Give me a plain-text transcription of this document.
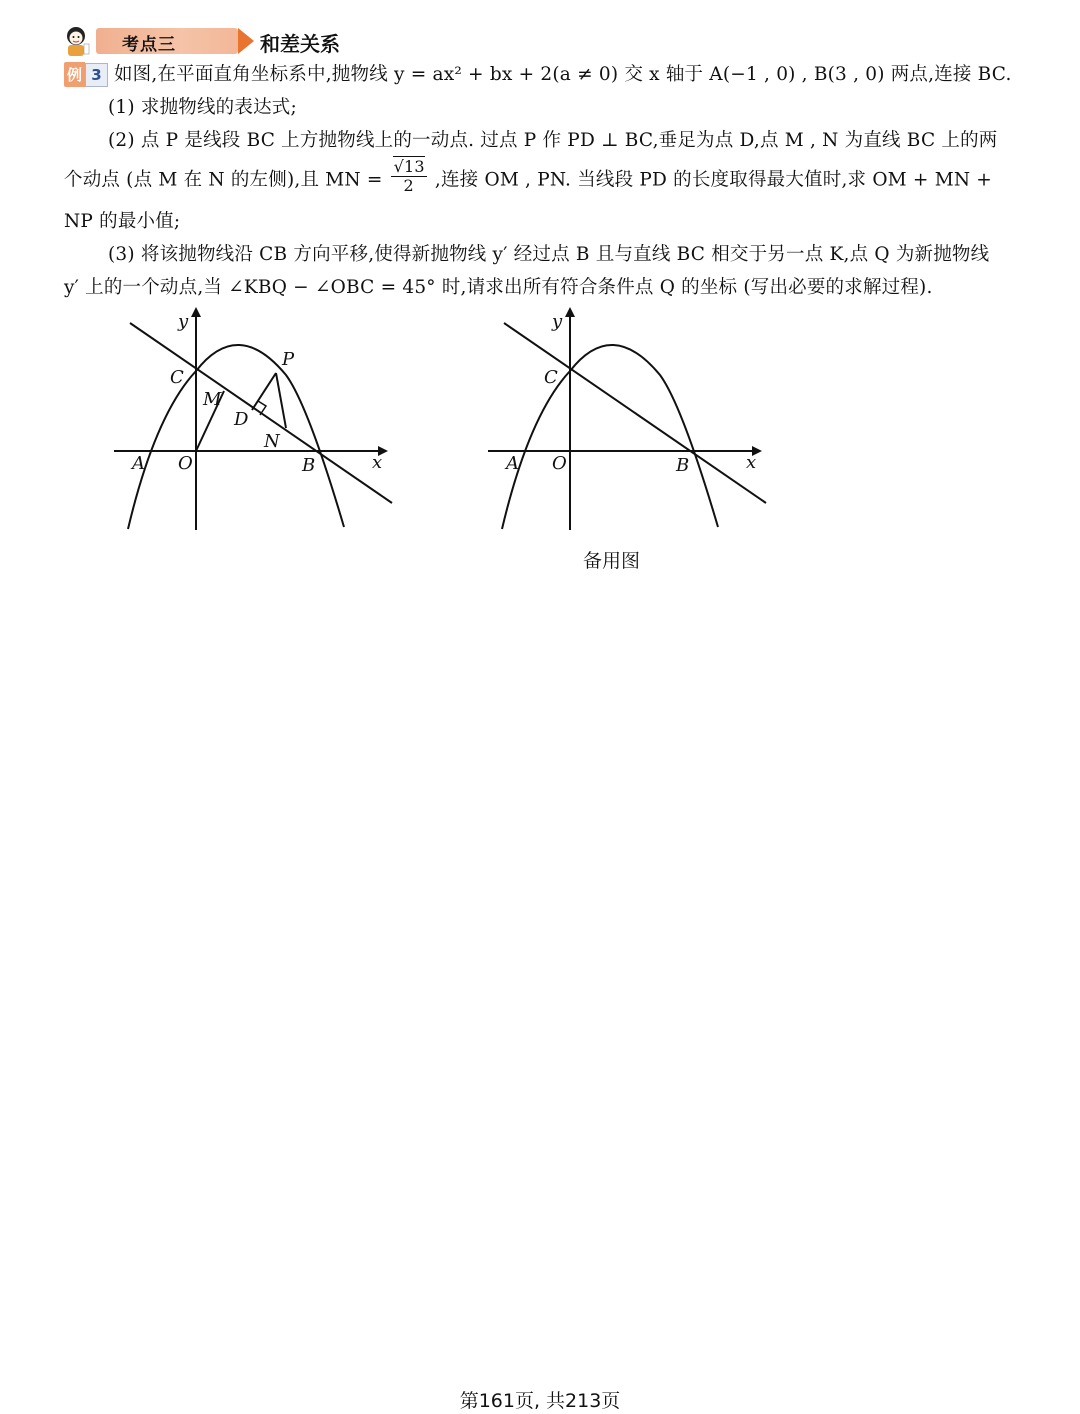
考点三	和差关系
例 3 如图,在平面直角坐标系中,抛物线 y = ax² + bx + 2(a ≠ 0) 交 x 轴于 A(−1 , 0) , B(3 , 0) 两点,连接 BC.
(1) 求抛物线的表达式;
(2) 点 P 是线段 BC 上方抛物线上的一动点. 过点 P 作 PD ⊥ BC,垂足为点 D,点 M , N 为直线 BC 上的两
个动点 (点 M 在 N 的左侧),且 MN = $\frac{√13}{2}$ ,连接 OM , PN. 当线段 PD 的长度取得最大值时,求 OM + MN +
NP 的最小值;
(3) 将该抛物线沿 CB 方向平移,使得新抛物线 y′ 经过点 B 且与直线 BC 相交于另一点 K,点 Q 为新抛物线
y′ 上的一个动点,当 ∠KBQ − ∠OBC = 45° 时,请求出所有符合条件点 Q 的坐标 (写出必要的求解过程).
y
x
C
P
M
D
N
A O	B
y
x
C
A O	B
备用图
第161页, 共213页
